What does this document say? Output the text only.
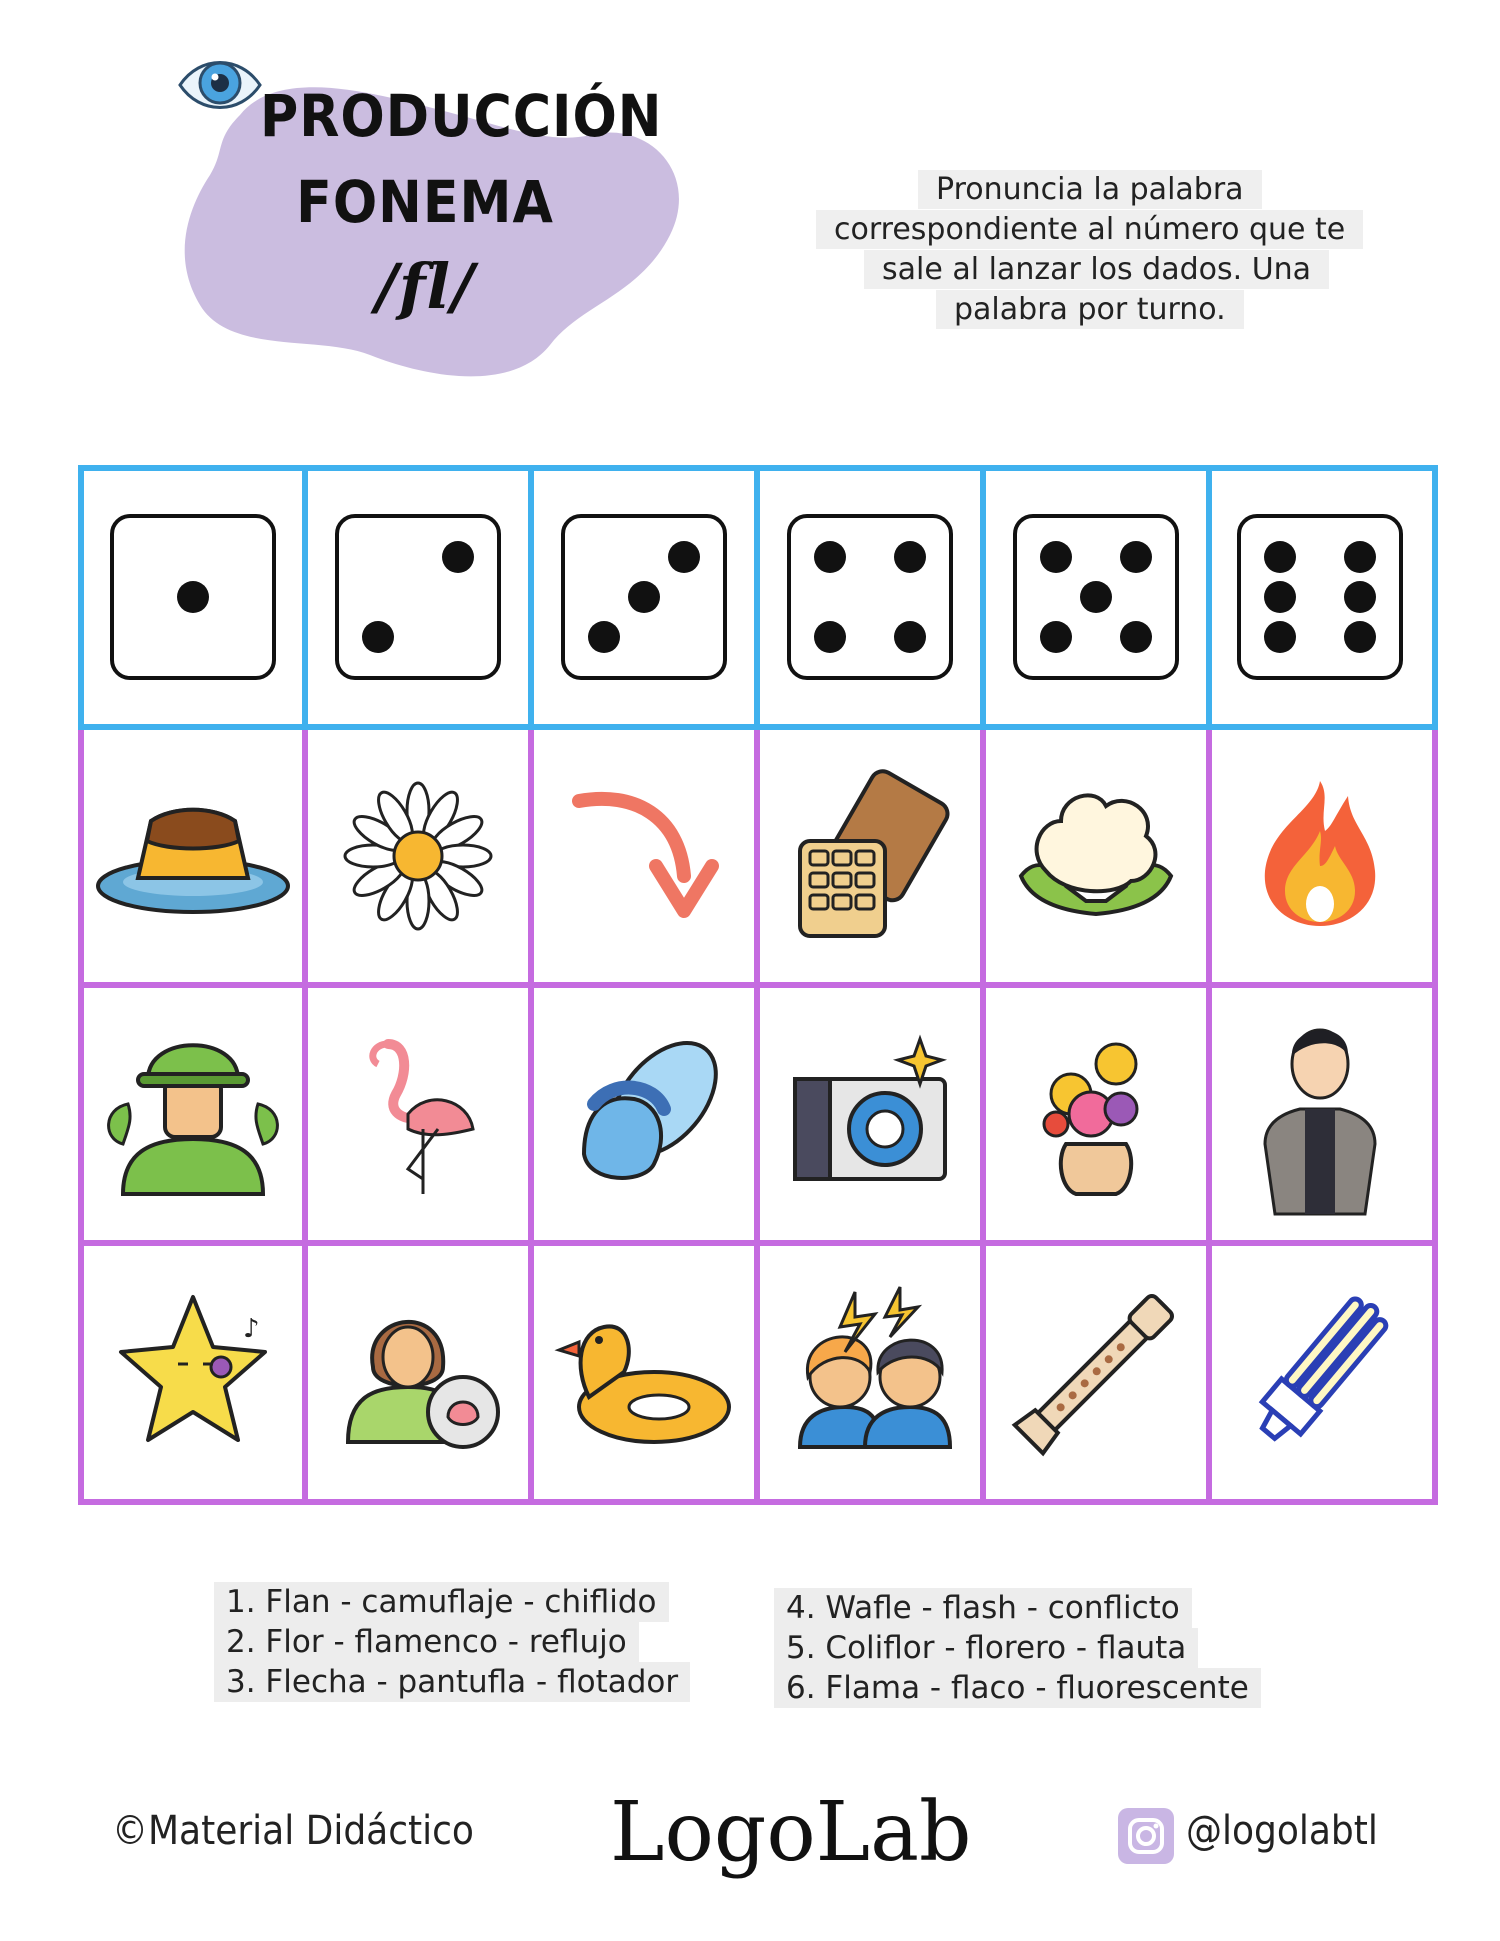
PRODUCCIÓN
FONEMA
/fl/
Pronuncia la palabra
correspondiente al número que te
sale al lanzar los dados. Una
palabra por turno.
♪
1. Flan - camuflaje - chiflido
2. Flor - flamenco - reflujo
3. Flecha - pantufla - flotador
4. Wafle - flash - conflicto
5. Coliflor - florero - flauta
6. Flama - flaco - fluorescente
©Material Didáctico LogoLab	@logolabtl
